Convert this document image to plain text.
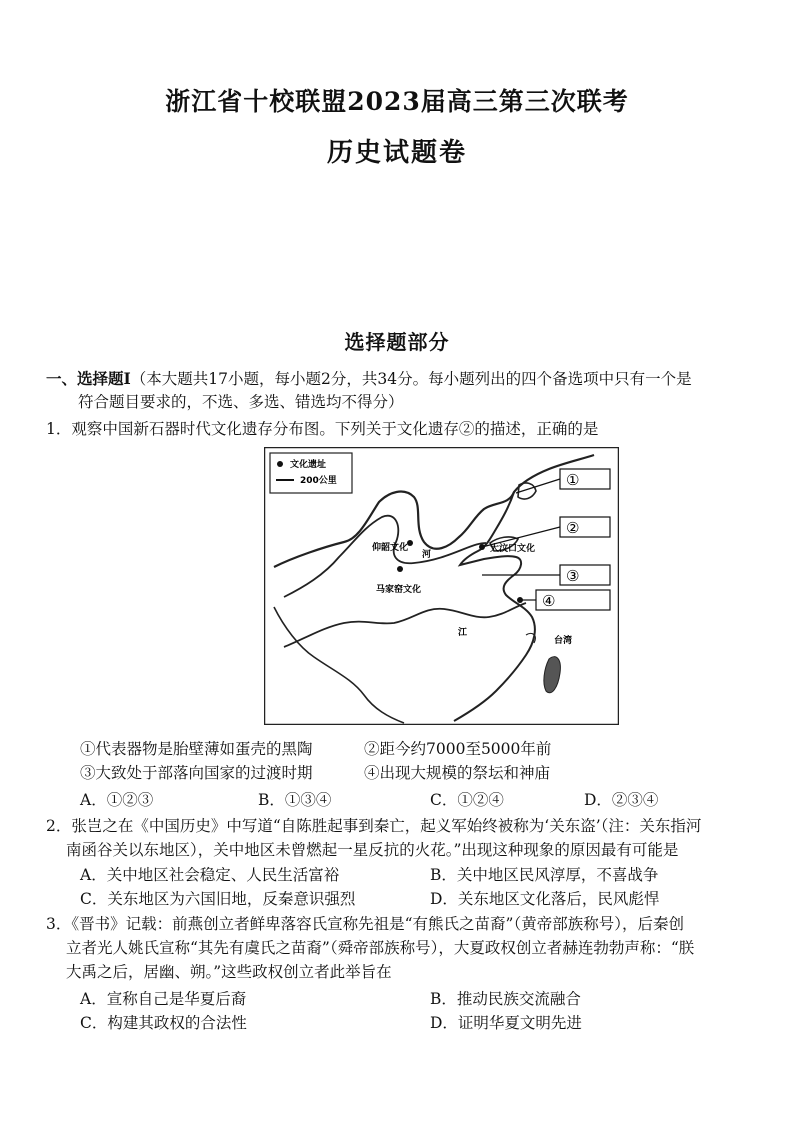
浙江省十校联盟2023届高三第三次联考
历史试题卷
选择题部分
一、选择题Ⅰ（本大题共17小题，每小题2分，共34分。每小题列出的四个备选项中只有一个是
符合题目要求的，不选、多选、错选均不得分）
1．观察中国新石器时代文化遗存分布图。下列关于文化遗存②的描述，正确的是
文化遗址
200公里
仰韶文化	大汶口文化
马家窑文化
河
江
台湾
①
②
③
④
①代表器物是胎壁薄如蛋壳的黑陶	②距今约7000至5000年前
③大致处于部落向国家的过渡时期	④出现大规模的祭坛和神庙
A．①②③	B．①③④	C．①②④	D．②③④
2．张岂之在《中国历史》中写道“自陈胜起事到秦亡，起义军始终被称为‘关东盗’（注：关东指河
南函谷关以东地区），关中地区未曾燃起一星反抗的火花。”出现这种现象的原因最有可能是
A．关中地区社会稳定、人民生活富裕	B．关中地区民风淳厚，不喜战争
C．关东地区为六国旧地，反秦意识强烈	D．关东地区文化落后，民风彪悍
3．《晋书》记载：前燕创立者鲜卑落容氏宣称先祖是“有熊氏之苗裔”（黄帝部族称号），后秦创
立者光人姚氏宣称“其先有虞氏之苗裔”（舜帝部族称号），大夏政权创立者赫连勃勃声称：“朕
大禹之后，居幽、朔。”这些政权创立者此举旨在
A．宣称自己是华夏后裔	B．推动民族交流融合
C．构建其政权的合法性	D．证明华夏文明先进
